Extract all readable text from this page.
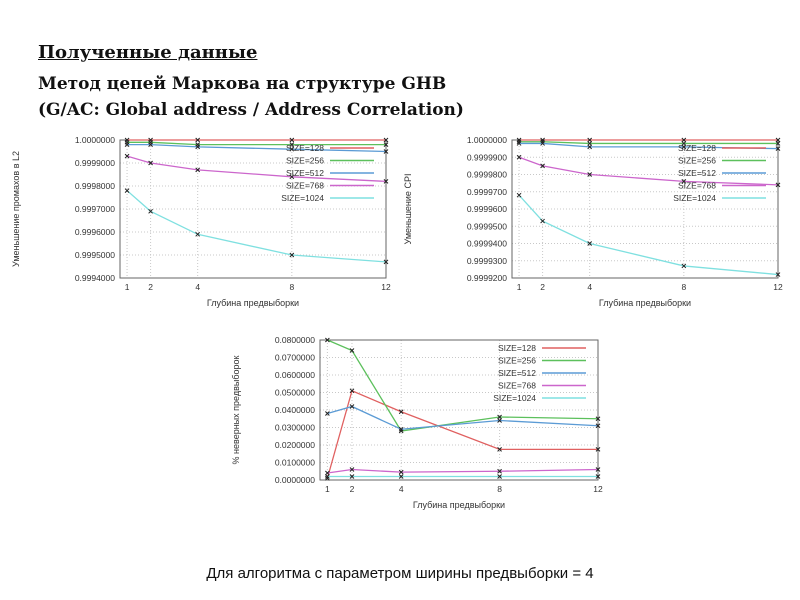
Полученные данные

Метод цепей Маркова на структуре GHB

(G/AC: Global address / Address Correlation)

0.9994000
0.9995000
0.9996000
0.9997000
0.9998000
0.9999000
1.0000000
1 2	4	8	12
Глубина предвыборки
Уменьшение промахов в L2
SIZE=128
SIZE=256
SIZE=512
SIZE=768
SIZE=1024
0.9999200
0.9999400
0.9999600
0.9999800
1.0000000
0.9999300
0.9999500
0.9999700
0.9999900
1 2	4	8	12
Глубина предвыборки
Уменьшение CPI
SIZE=128
SIZE=256
SIZE=512
SIZE=768
SIZE=1024
0.0000000
0.0100000
0.0200000
0.0300000
0.0400000
0.0500000
0.0600000
0.0700000
0.0800000
1 2	4	8	12
Глубина предвыборки
% неверных предвыборок
SIZE=128
SIZE=256
SIZE=512
SIZE=768
SIZE=1024
Для алгоритма с параметром ширины предвыборки = 4
